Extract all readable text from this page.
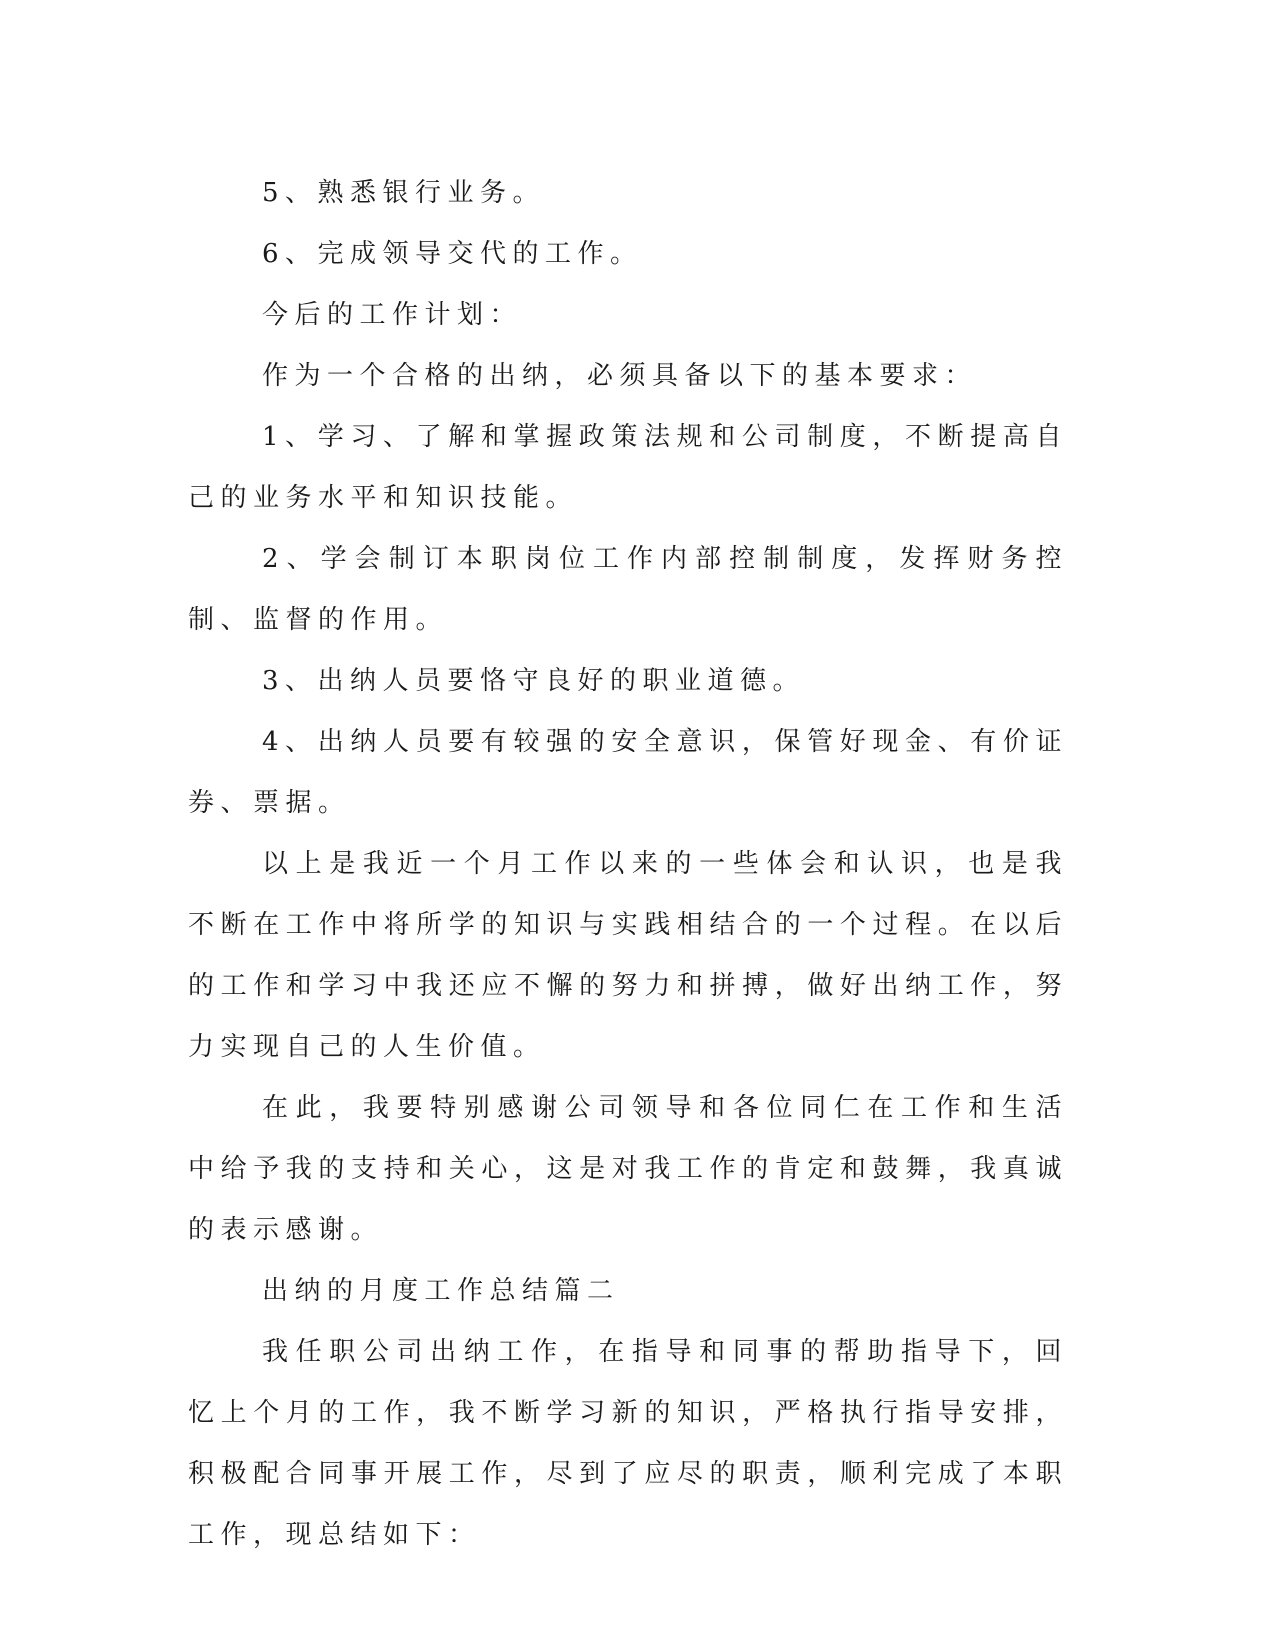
5、熟悉银行业务。

6、完成领导交代的工作。

今后的工作计划：

作为一个合格的出纳，必须具备以下的基本要求：

1、学习、了解和掌握政策法规和公司制度，不断提高自己的业务水平和知识技能。

2、学会制订本职岗位工作内部控制制度，发挥财务控制、监督的作用。

3、出纳人员要恪守良好的职业道德。

4、出纳人员要有较强的安全意识，保管好现金、有价证券、票据。

以上是我近一个月工作以来的一些体会和认识，也是我不断在工作中将所学的知识与实践相结合的一个过程。在以后的工作和学习中我还应不懈的努力和拼搏，做好出纳工作，努力实现自己的人生价值。

在此，我要特别感谢公司领导和各位同仁在工作和生活中给予我的支持和关心，这是对我工作的肯定和鼓舞，我真诚的表示感谢。

出纳的月度工作总结篇二

我任职公司出纳工作，在指导和同事的帮助指导下，回忆上个月的工作，我不断学习新的知识，严格执行指导安排，积极配合同事开展工作，尽到了应尽的职责，顺利完成了本职工作，现总结如下：
